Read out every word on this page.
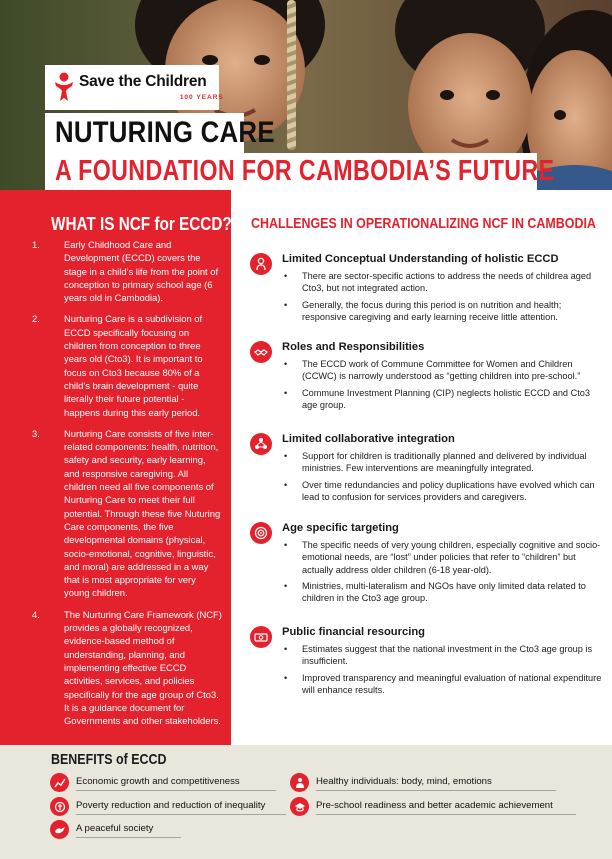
Save the Children
100 YEARS
NUTURING CARE
A FOUNDATION FOR CAMBODIA’S FUTURE
WHAT IS NCF for ECCD?
1.	Early Childhood Care and Development (ECCD) covers the stage in a child’s life from the point of conception to primary school age (6 years old in Cambodia).
2.	Nurturing Care is a subdivision of ECCD specifically focusing on children from conception to three years old (Cto3). It is important to focus on Cto3 because 80% of a child’s brain development - quite literally their future potential - happens during this early period.
3.	Nurturing Care consists of five inter-related components: health, nutrition, safety and security, early learning, and responsive caregiving. All children need all five components of Nurturing Care to meet their full potential. Through these five Nuturing Care components, the five developmental domains (physical, socio-emotional, cognitive, linguistic, and moral) are addressed in a way that is most appropriate for very young children.
4.	The Nurturing Care Framework (NCF) provides a globally recognized, evidence-based method of understanding, planning, and implementing effective ECCD activities, services, and policies specifically for the age group of Cto3. It is a guidance document for Governments and other stakeholders.
CHALLENGES IN OPERATIONALIZING NCF IN CAMBODIA
Limited Conceptual Understanding of holistic ECCD
• There are sector-specific actions to address the needs of childrea aged Cto3, but not integrated action.
• Generally, the focus during this period is on nutrition and health; responsive caregiving and early learning receive little attention.
Roles and Responsibilities
• The ECCD work of Commune Committee for Women and Children (CCWC) is narrowly understood as “getting children into pre-school.”
• Commune Investment Planning (CIP) neglects holistic ECCD and Cto3 age group.
Limited collaborative integration
• Support for children is traditionally planned and delivered by individual ministries. Few interventions are meaningfully integrated.
• Over time redundancies and policy duplications have evolved which can lead to confusion for services providers and caregivers.
Age specific targeting
• The specific needs of very young children, especially cognitive and socio-emotional needs, are “lost” under policies that refer to “children” but actually address older children (6-18 year-old).
• Ministries, multi-lateralism and NGOs have only limited data related to children in the Cto3 age group.
Public financial resourcing
• Estimates suggest that the national investment in the Cto3 age group is insufficient.
• Improved transparency and meaningful evaluation of national expenditure will enhance results.
BENEFITS of ECCD
Economic growth and competitiveness	Healthy individuals: body, mind, emotions
Poverty reduction and reduction of inequality	Pre-school readiness and better academic achievement
A peaceful society
